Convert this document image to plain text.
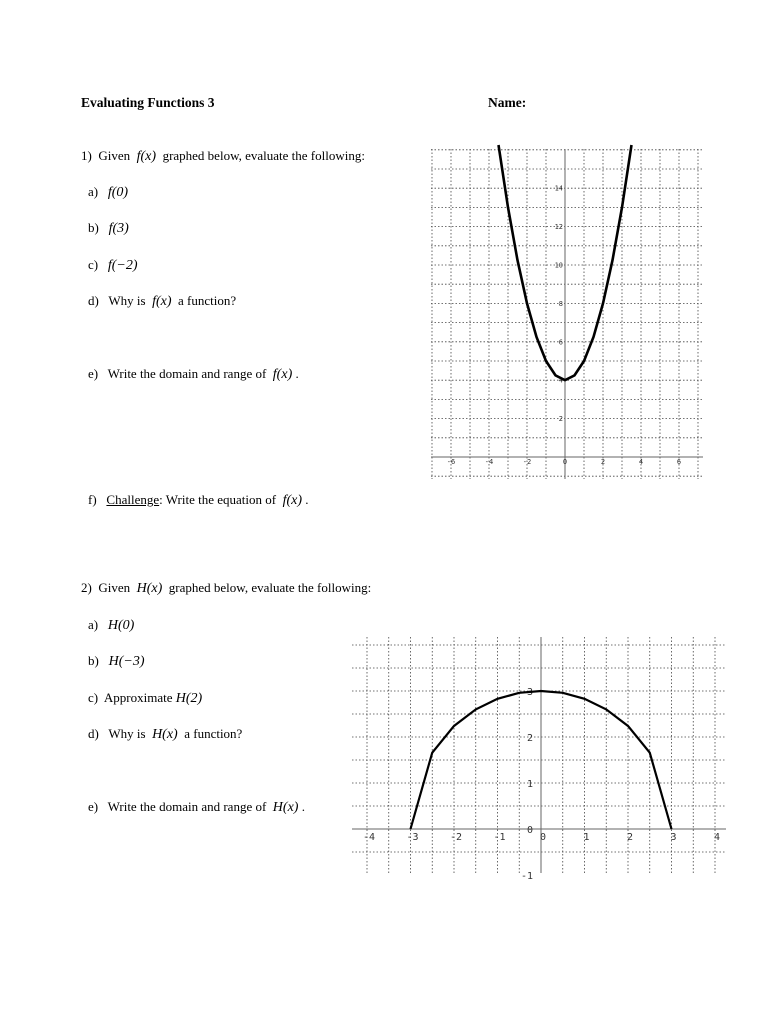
Evaluating Functions 3	Name:
1) Given f(x) graphed below, evaluate the following:
a) f(0)
b) f(3)
c) f(−2)
d) Why is f(x) a function?
e) Write the domain and range of f(x) .
f) Challenge: Write the equation of f(x) .
-6	-4	-2	0	2	4	6
2
4
6
8
10
12
14
2) Given H(x) graphed below, evaluate the following:
a) H(0)
b) H(−3)
c) Approximate H(2)
d) Why is H(x) a function?
e) Write the domain and range of H(x) .
-4	-3	-2	-1	0	1	2	3	4
-1
0
1
2
3
